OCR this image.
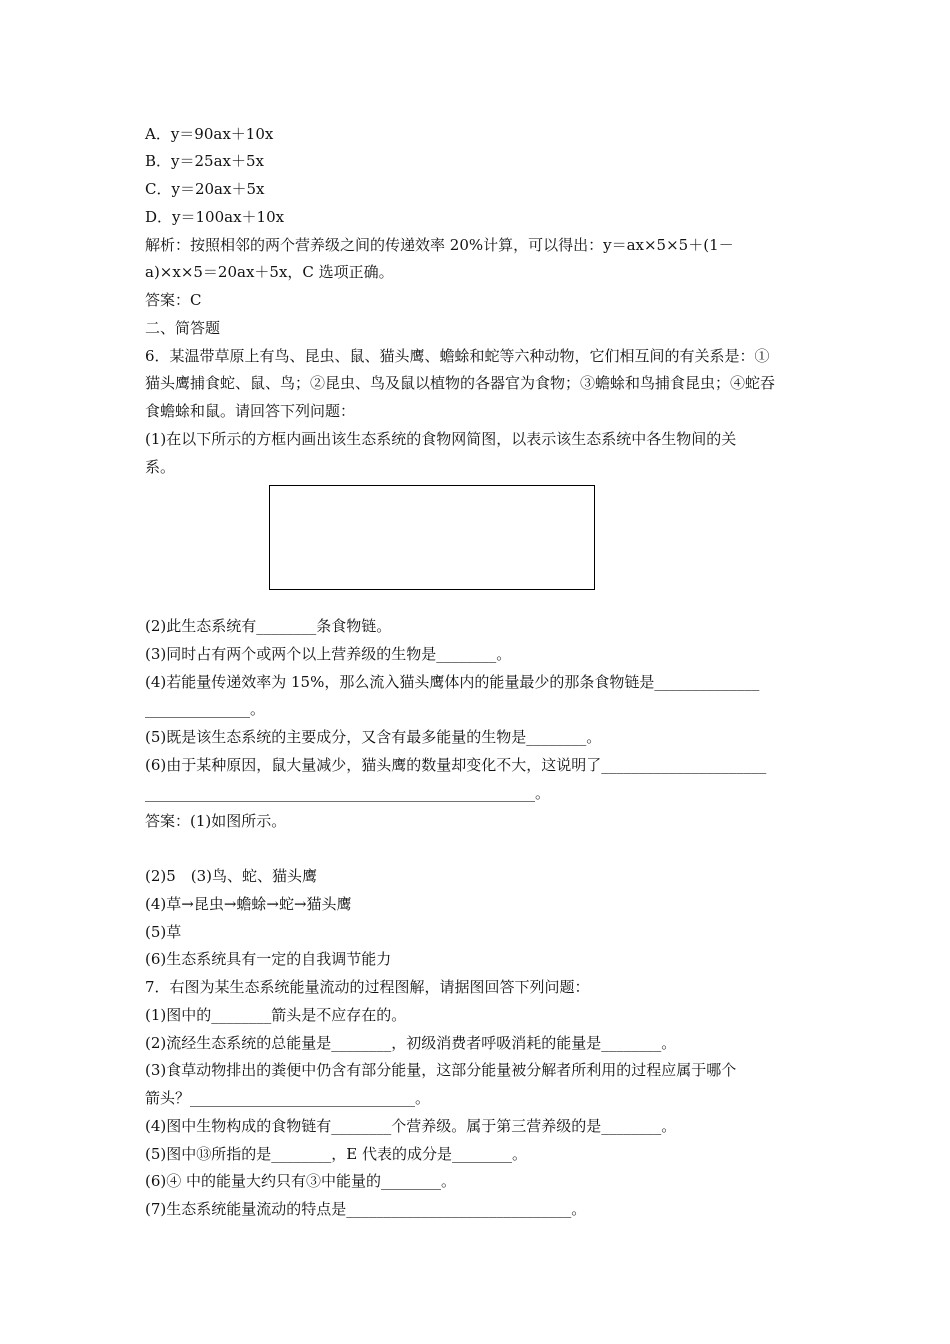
A．y＝90ax＋10x
B．y＝25ax＋5x
C．y＝20ax＋5x
D．y＝100ax＋10x
解析：按照相邻的两个营养级之间的传递效率 20%计算，可以得出：y＝ax×5×5＋(1－
a)×x×5＝20ax＋5x，C 选项正确。
答案：C
二、简答题
6．某温带草原上有鸟、昆虫、鼠、猫头鹰、蟾蜍和蛇等六种动物，它们相互间的有关系是：①
猫头鹰捕食蛇、鼠、鸟；②昆虫、鸟及鼠以植物的各器官为食物；③蟾蜍和鸟捕食昆虫；④蛇吞
食蟾蜍和鼠。请回答下列问题：
(1)在以下所示的方框内画出该生态系统的食物网简图，以表示该生态系统中各生物间的关
系。
(2)此生态系统有________条食物链。
(3)同时占有两个或两个以上营养级的生物是________。
(4)若能量传递效率为 15%，那么流入猫头鹰体内的能量最少的那条食物链是______________
______________。
(5)既是该生态系统的主要成分，又含有最多能量的生物是________。
(6)由于某种原因，鼠大量减少，猫头鹰的数量却变化不大，这说明了______________________
____________________________________________________。
答案：(1)如图所示。
(2)5　(3)鸟、蛇、猫头鹰
(4)草→昆虫→蟾蜍→蛇→猫头鹰
(5)草
(6)生态系统具有一定的自我调节能力
7．右图为某生态系统能量流动的过程图解，请据图回答下列问题：
(1)图中的________箭头是不应存在的。
(2)流经生态系统的总能量是________，初级消费者呼吸消耗的能量是________。
(3)食草动物排出的粪便中仍含有部分能量，这部分能量被分解者所利用的过程应属于哪个
箭头？______________________________。
(4)图中生物构成的食物链有________个营养级。属于第三营养级的是________。
(5)图中⑬所指的是________，E 代表的成分是________。
(6)④ 中的能量大约只有③中能量的________。
(7)生态系统能量流动的特点是______________________________。
